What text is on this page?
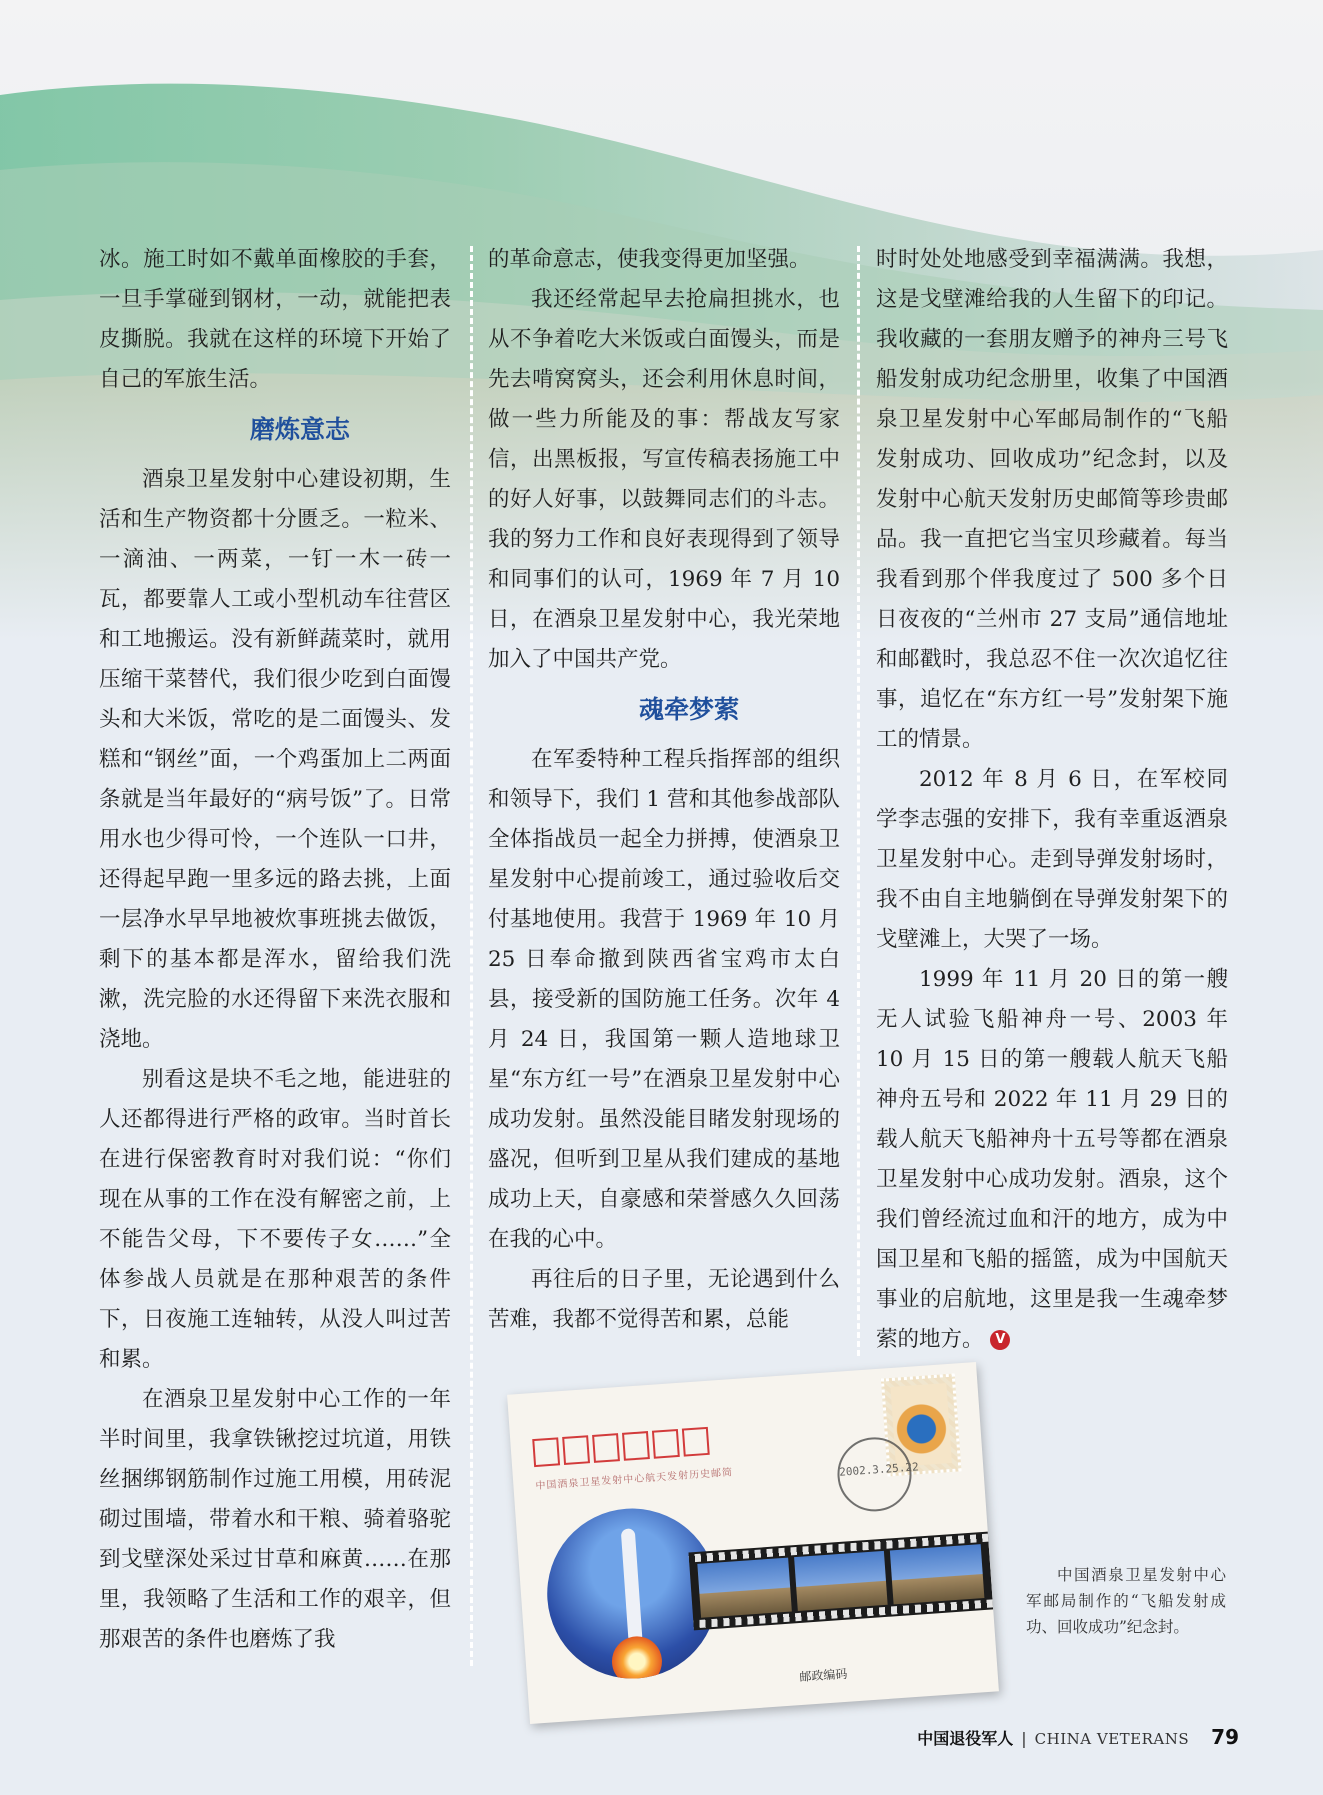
冰。施工时如不戴单面橡胶的手套，一旦手掌碰到钢材，一动，就能把表皮撕脱。我就在这样的环境下开始了自己的军旅生活。

磨炼意志

酒泉卫星发射中心建设初期，生活和生产物资都十分匮乏。一粒米、一滴油、一两菜，一钉一木一砖一瓦，都要靠人工或小型机动车往营区和工地搬运。没有新鲜蔬菜时，就用压缩干菜替代，我们很少吃到白面馒头和大米饭，常吃的是二面馒头、发糕和“钢丝”面，一个鸡蛋加上二两面条就是当年最好的“病号饭”了。日常用水也少得可怜，一个连队一口井，还得起早跑一里多远的路去挑，上面一层净水早早地被炊事班挑去做饭，剩下的基本都是浑水，留给我们洗漱，洗完脸的水还得留下来洗衣服和浇地。

别看这是块不毛之地，能进驻的人还都得进行严格的政审。当时首长在进行保密教育时对我们说：“你们现在从事的工作在没有解密之前，上不能告父母，下不要传子女……”全体参战人员就是在那种艰苦的条件下，日夜施工连轴转，从没人叫过苦和累。

在酒泉卫星发射中心工作的一年半时间里，我拿铁锹挖过坑道，用铁丝捆绑钢筋制作过施工用模，用砖泥砌过围墙，带着水和干粮、骑着骆驼到戈壁深处采过甘草和麻黄……在那里，我领略了生活和工作的艰辛，但那艰苦的条件也磨炼了我

的革命意志，使我变得更加坚强。

我还经常起早去抢扁担挑水，也从不争着吃大米饭或白面馒头，而是先去啃窝窝头，还会利用休息时间，做一些力所能及的事：帮战友写家信，出黑板报，写宣传稿表扬施工中的好人好事，以鼓舞同志们的斗志。我的努力工作和良好表现得到了领导和同事们的认可，1969 年 7 月 10 日，在酒泉卫星发射中心，我光荣地加入了中国共产党。

魂牵梦萦

在军委特种工程兵指挥部的组织和领导下，我们 1 营和其他参战部队全体指战员一起全力拼搏，使酒泉卫星发射中心提前竣工，通过验收后交付基地使用。我营于 1969 年 10 月 25 日奉命撤到陕西省宝鸡市太白县，接受新的国防施工任务。次年 4 月 24 日，我国第一颗人造地球卫星“东方红一号”在酒泉卫星发射中心成功发射。虽然没能目睹发射现场的盛况，但听到卫星从我们建成的基地成功上天，自豪感和荣誉感久久回荡在我的心中。

再往后的日子里，无论遇到什么苦难，我都不觉得苦和累，总能

时时处处地感受到幸福满满。我想，这是戈壁滩给我的人生留下的印记。我收藏的一套朋友赠予的神舟三号飞船发射成功纪念册里，收集了中国酒泉卫星发射中心军邮局制作的“飞船发射成功、回收成功”纪念封，以及发射中心航天发射历史邮简等珍贵邮品。我一直把它当宝贝珍藏着。每当我看到那个伴我度过了 500 多个日日夜夜的“兰州市 27 支局”通信地址和邮戳时，我总忍不住一次次追忆往事，追忆在“东方红一号”发射架下施工的情景。

2012 年 8 月 6 日，在军校同学李志强的安排下，我有幸重返酒泉卫星发射中心。走到导弹发射场时，我不由自主地躺倒在导弹发射架下的戈壁滩上，大哭了一场。

1999 年 11 月 20 日的第一艘无人试验飞船神舟一号、2003 年 10 月 15 日的第一艘载人航天飞船神舟五号和 2022 年 11 月 29 日的载人航天飞船神舟十五号等都在酒泉卫星发射中心成功发射。酒泉，这个我们曾经流过血和汗的地方，成为中国卫星和飞船的摇篮，成为中国航天事业的启航地，这里是我一生魂牵梦萦的地方。 V

中国酒泉卫星发射中心航天发射历史邮简	2002.3.25.22
邮政编码
中国酒泉卫星发射中心军邮局制作的“飞船发射成功、回收成功”纪念封。
中国退役军人 | CHINA VETERANS 79
